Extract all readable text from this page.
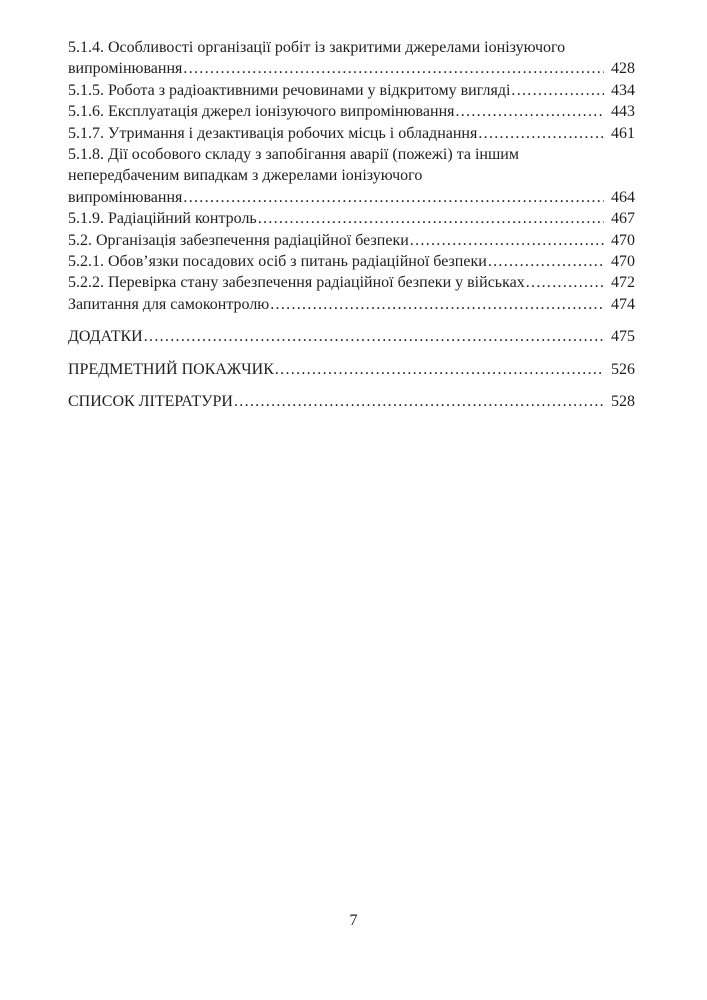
5.1.4. Особливості організації робіт із закритими джерелами іонізуючого
випромінювання .....	428
5.1.5. Робота з радіоактивними речовинами у відкритому вигляді .....	434
5.1.6. Експлуатація джерел іонізуючого випромінювання .....	443
5.1.7. Утримання і дезактивація робочих місць і обладнання .....	461
5.1.8. Дії особового складу з запобігання аварії (пожежі) та іншим
непередбаченим випадкам з джерелами іонізуючого
випромінювання .....	464
5.1.9. Радіаційний контроль .....	467
5.2. Організація забезпечення радіаційної безпеки .....	470
5.2.1. Обов’язки посадових осіб з питань радіаційної безпеки .....	470
5.2.2. Перевірка стану забезпечення радіаційної безпеки у військах .....	472
Запитання для самоконтролю .....	474
ДОДАТКИ .....	475
ПРЕДМЕТНИЙ ПОКАЖЧИК .....	526
СПИСОК ЛІТЕРАТУРИ .....	528
7
